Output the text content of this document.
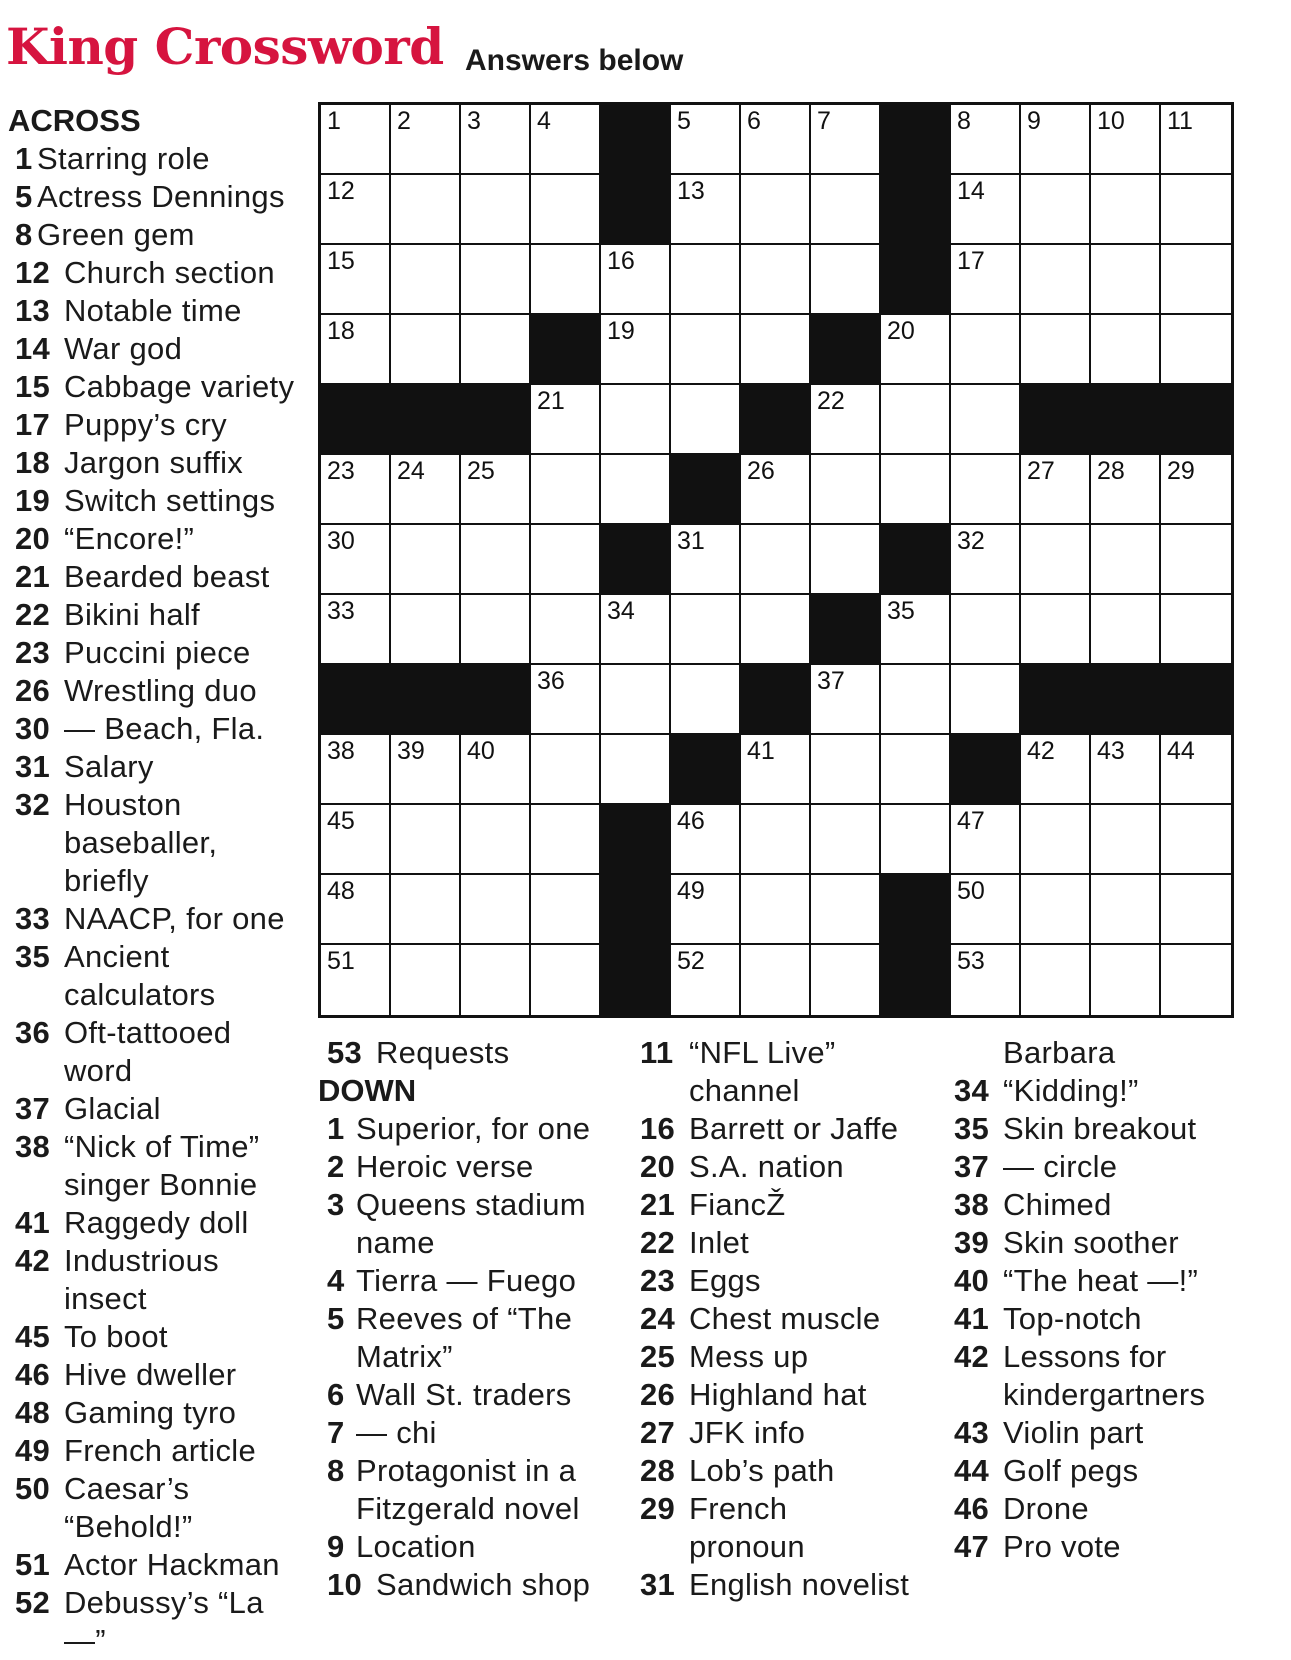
King Crossword Answers below
1 2 3 4	5 6 7	8 9 10 11
12	13	14
15	16	17
18	19	20
21	22
23 24 25	26	27 28 29
30	31	32
33	34	35
36	37
38 39 40	41	42 43 44
45	46	47
48	49	50
51	52	53
ACROSS
1 Starring role
5 Actress Dennings
8 Green gem
12 Church section
13 Notable time
14 War god
15 Cabbage variety
17 Puppy’s cry
18 Jargon suffix
19 Switch settings
20 “Encore!”
21 Bearded beast
22 Bikini half
23 Puccini piece
26 Wrestling duo
30 — Beach, Fla.
31 Salary
32 Houston
baseballer, briefly
33 NAACP, for one
35 Ancient
calculators
36 Oft-tattooed
word
37 Glacial
38 “Nick of Time”
singer Bonnie
41 Raggedy doll
42 Industrious
insect
45 To boot
46 Hive dweller
48 Gaming tyro
49 French article
50 Caesar’s
“Behold!”
51 Actor Hackman
52 Debussy’s “La
—”
53 Requests
DOWN
1 Superior, for one
2 Heroic verse
3 Queens stadium
name
4 Tierra — Fuego
5 Reeves of “The
Matrix”
6 Wall St. traders
7 — chi
8 Protagonist in a
Fitzgerald novel
9 Location
10 Sandwich shop
11 “NFL Live”
channel
16 Barrett or Jaffe
20 S.A. nation
21 FiancŽ
22 Inlet
23 Eggs
24 Chest muscle
25 Mess up
26 Highland hat
27 JFK info
28 Lob’s path
29 French
pronoun
31 English novelist
Barbara
34 “Kidding!”
35 Skin breakout
37 — circle
38 Chimed
39 Skin soother
40 “The heat —!”
41 Top-notch
42 Lessons for
kindergartners
43 Violin part
44 Golf pegs
46 Drone
47 Pro vote
